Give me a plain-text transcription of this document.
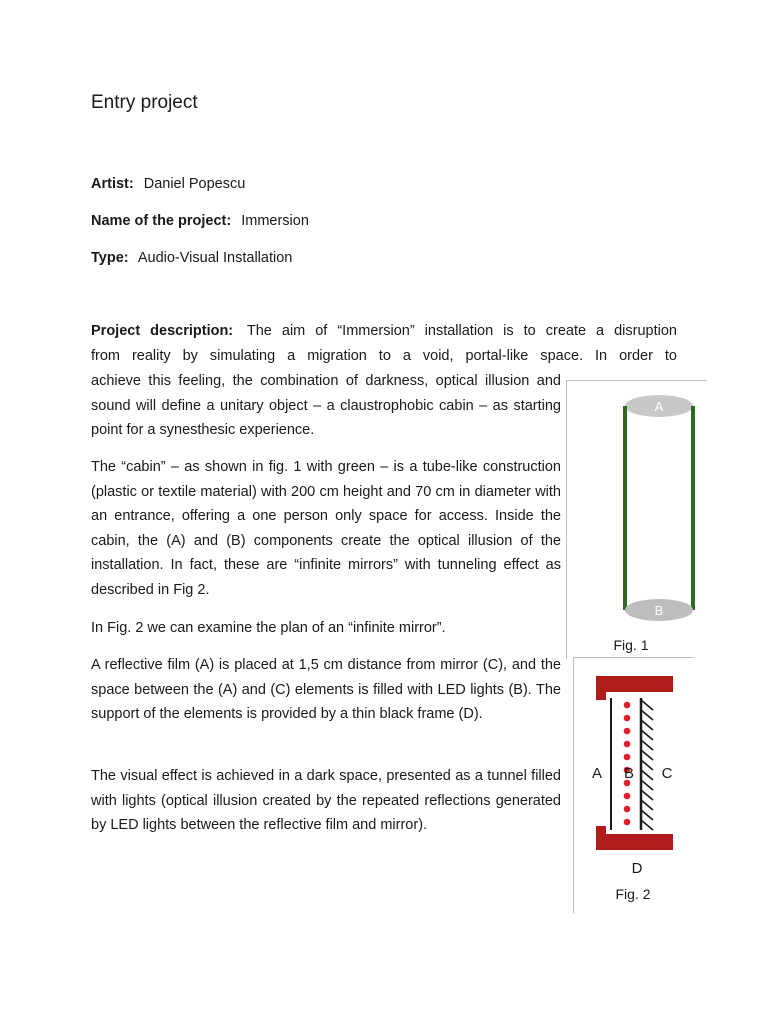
Entry project
Artist: Daniel Popescu
Name of the project: Immersion
Type: Audio-Visual Installation

Project description: The aim of “Immersion” installation is to create a disruption

from reality by simulating a migration to a void, portal-like space. In order to

achieve this feeling, the combination of darkness, optical illusion and sound will define a unitary object – a claustrophobic cabin – as starting point for a synesthesic experience.

The “cabin” – as shown in fig. 1 with green – is a tube-like construction (plastic or textile material) with 200 cm height and 70 cm in diameter with an entrance, offering a one person only space for access. Inside the cabin, the (A) and (B) components create the optical illusion of the installation. In fact, these are “infinite mirrors” with tunneling effect as described in Fig 2.

In Fig. 2 we can examine the plan of an “infinite mirror”.

A reflective film (A) is placed at 1,5 cm distance from mirror (C), and the space between the (A) and (C) elements is filled with LED lights (B). The support of the elements is provided by a thin black frame (D).

The visual effect is achieved in a dark space, presented as a tunnel filled with lights (optical illusion created by the repeated reflections generated by LED lights between the reflective film and mirror).

A
B
Fig. 1
A B C
D
Fig. 2
